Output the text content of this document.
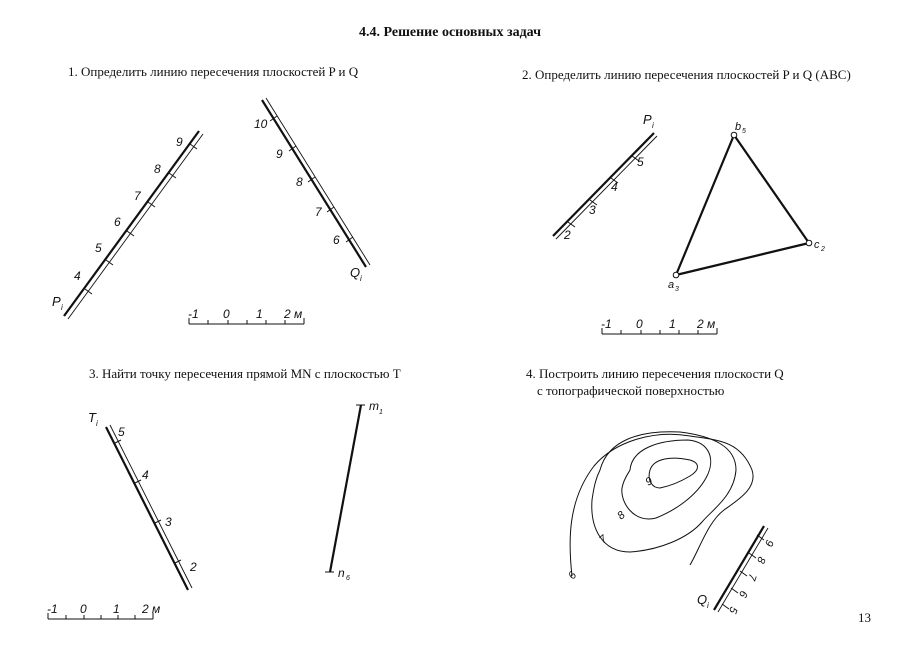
4.4. Решение основных задач
1. Определить линию пересечения плоскостей P и Q	2. Определить линию пересечения плоскостей P и Q (ABC)
3. Найти точку пересечения прямой MN с плоскостью T	4. Построить линию пересечения плоскости Q
с топографической поверхностью
13
P i
4
5
6
7
8
9
10
9
8
7
6
Q i
-1 0 1 2 м
P i
2
3
4
5
b 5
c 2
a 3
-1 0 1 2 м
T i
5
4
3
2
m 1
n 6
-1 0 1 2 м
9
8
7
6
9
8
7
6
5
Q i
